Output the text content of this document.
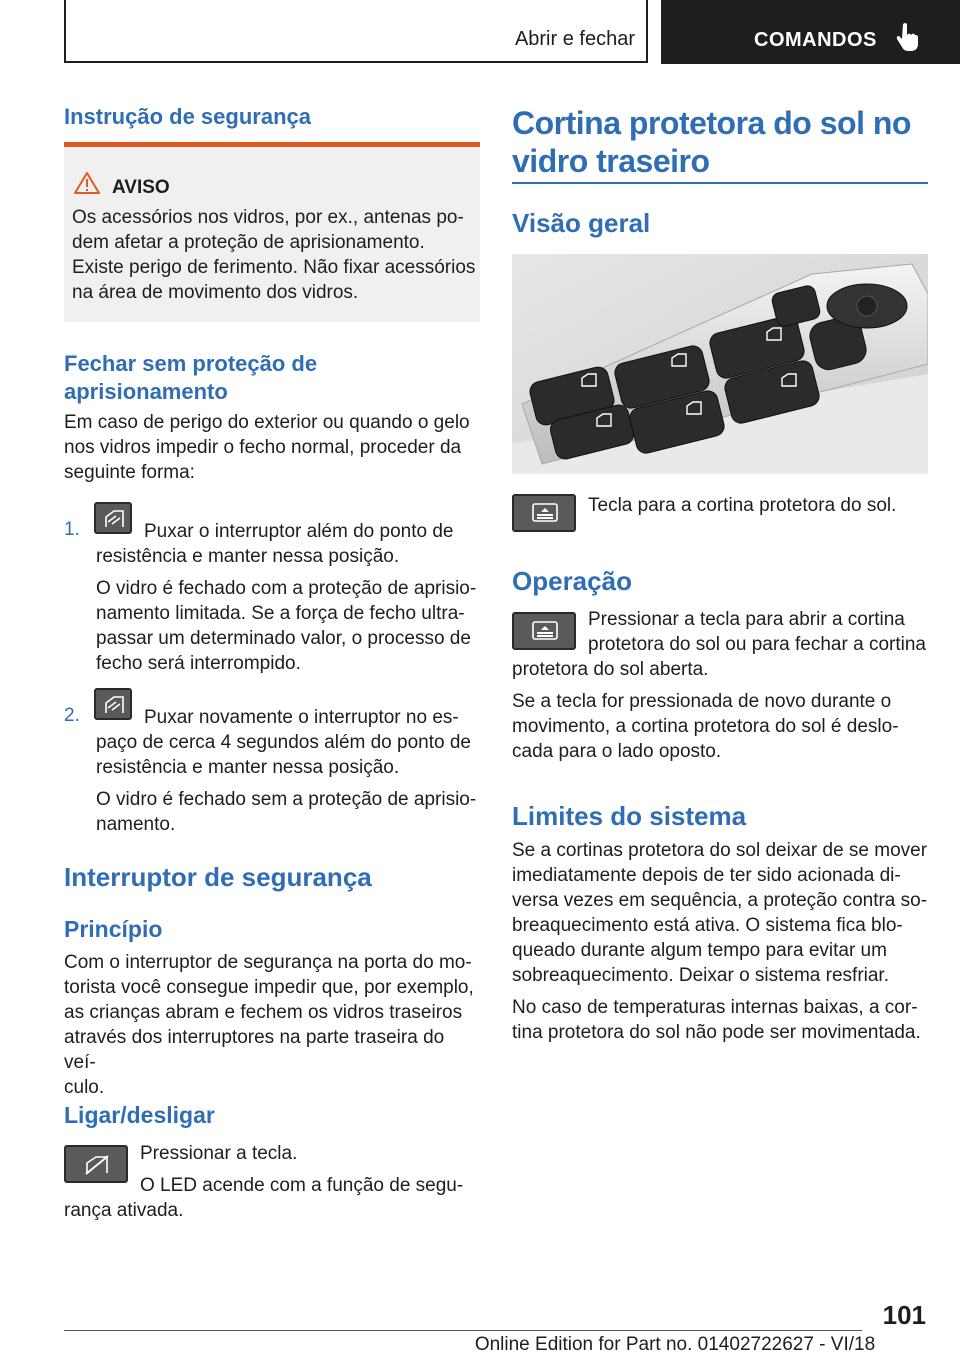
Abrir e fechar	COMANDOS
Instrução de segurança
AVISO
Os acessórios nos vidros, por ex., antenas po-
dem afetar a proteção de aprisionamento.
Existe perigo de ferimento. Não fixar acessórios
na área de movimento dos vidros.
Fechar sem proteção de
aprisionamento
Em caso de perigo do exterior ou quando o gelo
nos vidros impedir o fecho normal, proceder da
seguinte forma:
1.	Puxar o interruptor além do ponto de
resistência e manter nessa posição.
O vidro é fechado com a proteção de aprisio-
namento limitada. Se a força de fecho ultra-
passar um determinado valor, o processo de
fecho será interrompido.
2.	Puxar novamente o interruptor no es-
paço de cerca 4 segundos além do ponto de
resistência e manter nessa posição.
O vidro é fechado sem a proteção de aprisio-
namento.
Interruptor de segurança
Princípio
Com o interruptor de segurança na porta do mo-
torista você consegue impedir que, por exemplo,
as crianças abram e fechem os vidros traseiros
através dos interruptores na parte traseira do veí-
culo.
Ligar/desligar
Pressionar a tecla.
O LED acende com a função de segu-
rança ativada.
Cortina protetora do sol no
vidro traseiro
Visão geral
Tecla para a cortina protetora do sol.
Operação
Pressionar a tecla para abrir a cortina
protetora do sol ou para fechar a cortina
protetora do sol aberta.
Se a tecla for pressionada de novo durante o
movimento, a cortina protetora do sol é deslo-
cada para o lado oposto.
Limites do sistema
Se a cortinas protetora do sol deixar de se mover
imediatamente depois de ter sido acionada di-
versa vezes em sequência, a proteção contra so-
breaquecimento está ativa. O sistema fica blo-
queado durante algum tempo para evitar um
sobreaquecimento. Deixar o sistema resfriar.
No caso de temperaturas internas baixas, a cor-
tina protetora do sol não pode ser movimentada.
101
Online Edition for Part no. 01402722627 - VI/18
